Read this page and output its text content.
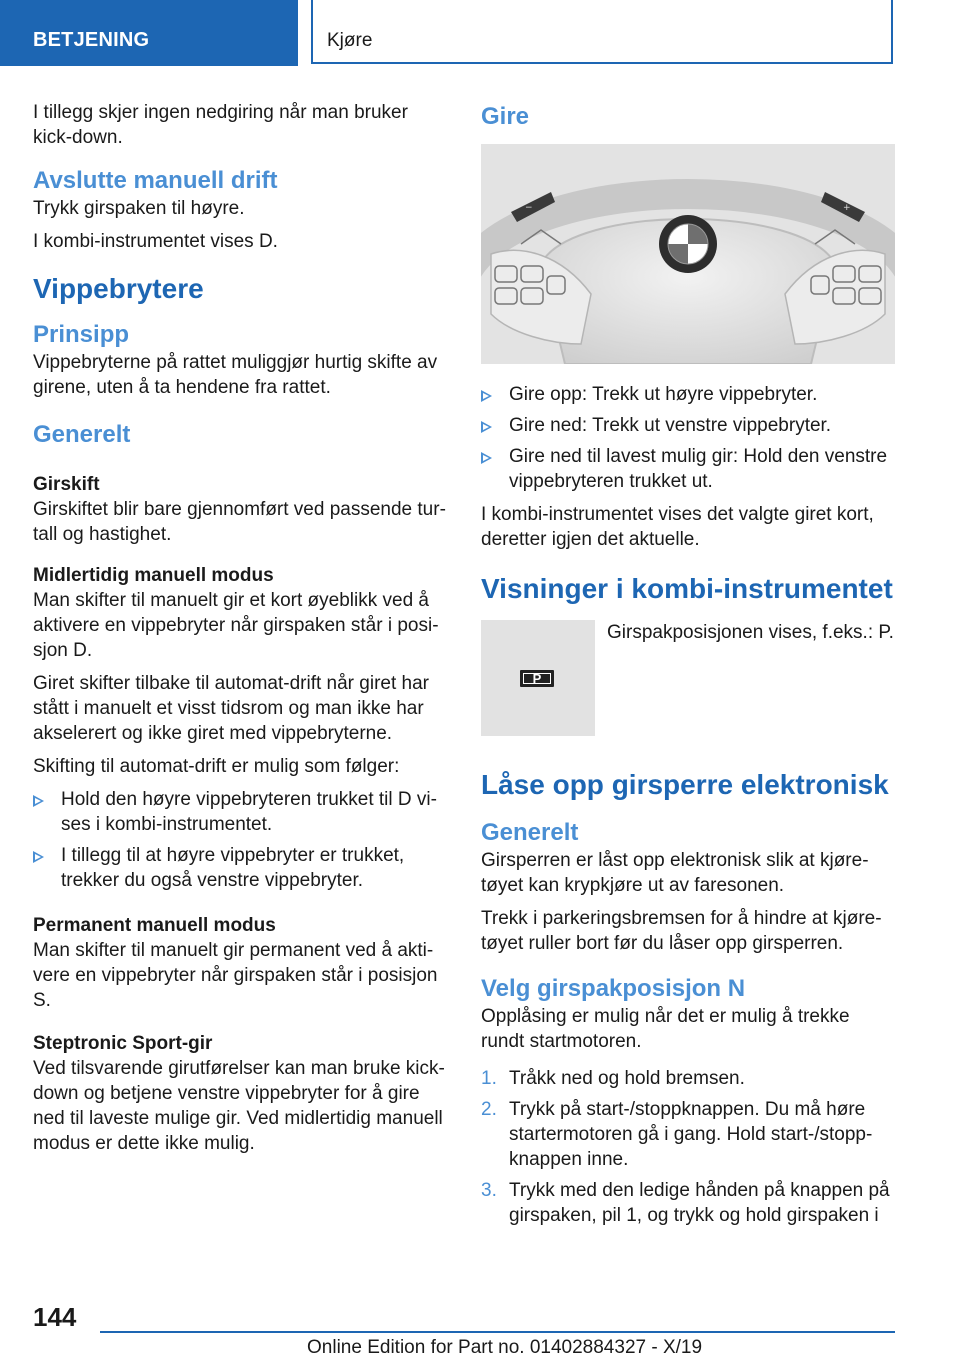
BETJENING	Kjøre

I tillegg skjer ingen nedgiring når man bruker kick-down.

Avslutte manuell drift

Trykk girspaken til høyre.

I kombi-instrumentet vises D.

Vippebrytere
Prinsipp

Vippebryterne på rattet muliggjør hurtig skifte av girene, uten å ta hendene fra rattet.

Generelt
Girskift

Girskiftet blir bare gjennomført ved passende turtall og hastighet.

Midlertidig manuell modus

Man skifter til manuelt gir et kort øyeblikk ved å aktivere en vippebryter når girspaken står i posisjon D.

Giret skifter tilbake til automat-drift når giret har stått i manuelt et visst tidsrom og man ikke har akselerert og ikke giret med vippebryterne.

Skifting til automat-drift er mulig som følger:

Hold den høyre vippebryteren trukket til D vises i kombi-instrumentet.
I tillegg til at høyre vippebryter er trukket, trekker du også venstre vippebryter.
Permanent manuell modus

Man skifter til manuelt gir permanent ved å aktivere en vippebryter når girspaken står i posisjon S.

Steptronic Sport-gir

Ved tilsvarende girutførelser kan man bruke kick-down og betjene venstre vippebryter for å gire ned til laveste mulige gir. Ved midlertidig manuell modus er dette ikke mulig.

Gire
−	+
Gire opp: Trekk ut høyre vippebryter.
Gire ned: Trekk ut venstre vippebryter.
Gire ned til lavest mulig gir: Hold den venstre vippebryteren trukket ut.

I kombi-instrumentet vises det valgte giret kort, deretter igjen det aktuelle.

Visninger i kombi-instrumentet
P

Girspakposisjonen vises, f.eks.: P.

Låse opp girsperre elektronisk
Generelt

Girsperren er låst opp elektronisk slik at kjøretøyet kan krypkjøre ut av faresonen.

Trekk i parkeringsbremsen for å hindre at kjøretøyet ruller bort før du låser opp girsperren.

Velg girspakposisjon N

Opplåsing er mulig når det er mulig å trekke rundt startmotoren.

1. Tråkk ned og hold bremsen.
2. Trykk på start-/stoppknappen. Du må høre startermotoren gå i gang. Hold start-/stoppknappen inne.
3. Trykk med den ledige hånden på knappen på girspaken, pil 1, og trykk og hold girspaken i
144
Online Edition for Part no. 01402884327 - X/19
